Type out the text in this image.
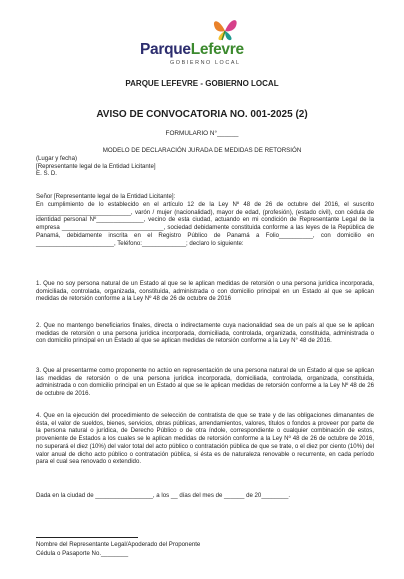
ParqueLefevre
GOBIERNO LOCAL
PARQUE LEFEVRE - GOBIERNO LOCAL
AVISO DE CONVOCATORIA NO. 001-2025 (2)
FORMULARIO N°______
MODELO DE DECLARACIÓN JURADA DE MEDIDAS DE RETORSIÓN
(Lugar y fecha)
[Representante legal de la Entidad Licitante]
E. S. D.
Señor [Representante legal de la Entidad Licitante]:
En cumplimiento de lo establecido en el artículo 12 de la Ley Nº 48 de 26 de octubre del 2016, el suscrito ____________________________, varón / mujer (nacionalidad), mayor de edad, (profesión), (estado civil), con cédula de identidad personal Nº______________, vecino de esta ciudad, actuando en mi condición de Representante Legal de la empresa ______________________________, sociedad debidamente constituida conforme a las leyes de la República de Panamá, debidamente inscrita en el Registro Público de Panamá a Folio__________, con domicilio en _______________________, Teléfono:_____________; declaro lo siguiente:
1. Que no soy persona natural de un Estado al que se le aplican medidas de retorsión o una persona jurídica incorporada, domiciliada, controlada, organizada, constituida, administrada o con domicilio principal en un Estado al que se aplican medidas de retorsión conforme a la Ley Nº 48 de 26 de octubre de 2016
2. Que no mantengo beneficiarios finales, directa o indirectamente cuya nacionalidad sea de un país al que se le aplican medidas de retorsión o una persona jurídica incorporada, domiciliada, controlada, organizada, constituida, administrada o con domicilio principal en un Estado al que se aplican medidas de retorsión conforme a la Ley N° 48 de 2016.
3. Que al presentarme como proponente no actúo en representación de una persona natural de un Estado al que se aplican las medidas de retorsión o de una persona jurídica incorporada, domiciliada, controlada, organizada, constituida, administrada o con domicilio principal en un Estado al que se le aplican medidas de retorsión conforme a la Ley Nº 48 de 26 de octubre de 2016.
4. Que en la ejecución del procedimiento de selección de contratista de que se trate y de las obligaciones dimanantes de ésta, el valor de sueldos, bienes, servicios, obras públicas, arrendamientos, valores, títulos o fondos a proveer por parte de la persona natural o jurídica, de Derecho Público o de otra índole, correspondiente o cualquier combinación de estos, proveniente de Estados a los cuales se le aplican medidas de retorsión conforme a la Ley Nº 48 de 26 de octubre de 2016, no superará el diez (10%) del valor total del acto público o contratación pública de que se trate, o el diez por ciento (10%) del valor anual de dicho acto público o contratación pública, si ésta es de naturaleza renovable o recurrente, en cada período para el cual sea renovado o extendido.
Dada en la ciudad de _________________, a los __ días del mes de ______ de 20________.
Nombre del Representante Legal/Apoderado del Proponente
Cédula o Pasaporte No.________
